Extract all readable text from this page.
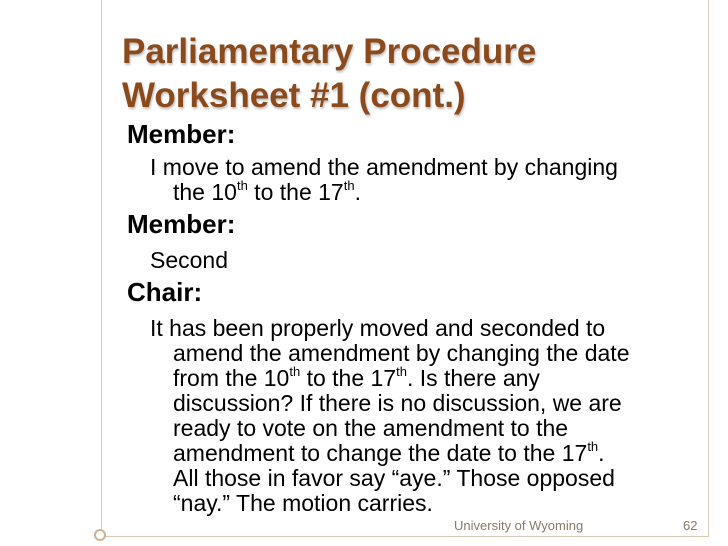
Parliamentary Procedure
Worksheet #1 (cont.)

Member:

I move to amend the amendment by changing

the 10th to the 17th.

Member:

Second

Chair:

It has been properly moved and seconded to

amend the amendment by changing the date

from the 10th to the 17th. Is there any

discussion? If there is no discussion, we are

ready to vote on the amendment to the

amendment to change the date to the 17th.

All those in favor say “aye.” Those opposed

“nay.” The motion carries.

University of Wyoming	62
